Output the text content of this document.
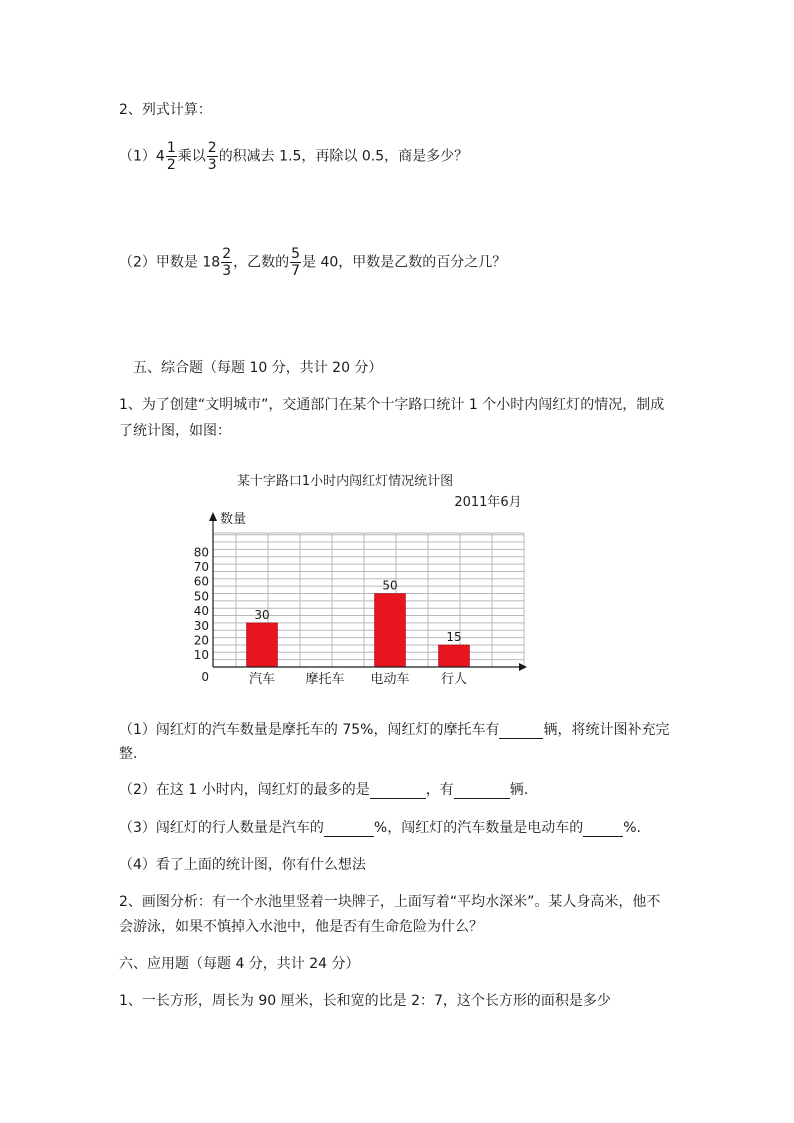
2、列式计算：
$(1)4 \frac{1}{2}$ 乘以 $\frac{2}{3}$ 的积减去 1.5，再除以 0.5，商是多少？
（2）甲数是 $18 \frac{2}{3}$ ，乙数的 $\frac{5}{7}$ 是 40，甲数是乙数的百分之几？
五、综合题（每题 10 分，共计 20 分）
1、为了创建“文明城市”，交通部门在某个十字路口统计 1 个小时内闯红灯的情况，制成
了统计图，如图：
某十字路口1小时内闯红灯情况统计图
2011年6月
数量
30
汽车 摩托车
50
电动车
15
行人
10
20
30
40
50
60
70
80
0
（1）闯红灯的汽车数量是摩托车的 75%，闯红灯的摩托车有	辆，将统计图补充完
整.
（2）在这 1 小时内，闯红灯的最多的是	，有	辆.
（3）闯红灯的行人数量是汽车的	%，闯红灯的汽车数量是电动车的	%.
（4）看了上面的统计图，你有什么想法
2、画图分析：有一个水池里竖着一块牌子，上面写着“平均水深米”。某人身高米，他不
会游泳，如果不慎掉入水池中，他是否有生命危险为什么？
六、应用题（每题 4 分，共计 24 分）
1、一长方形，周长为 90 厘米，长和宽的比是 2：7，这个长方形的面积是多少
